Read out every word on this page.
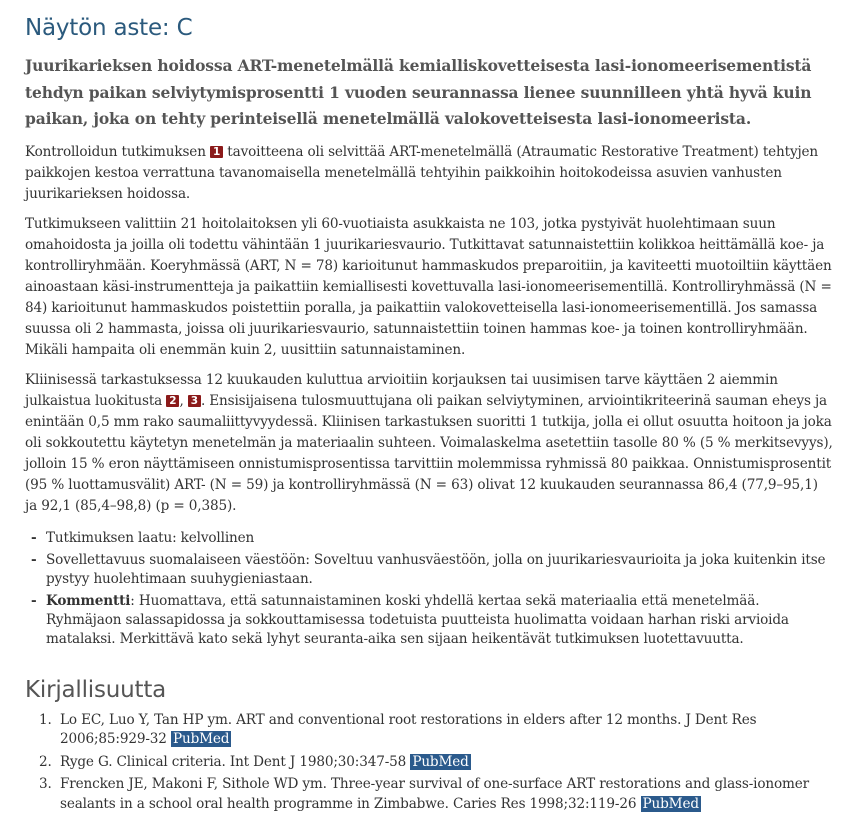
Näytön aste: C
Juurikarieksen hoidossa ART-menetelmällä kemialliskovetteisesta lasi-ionomeerisementistä tehdyn paikan selviytymisprosentti 1 vuoden seurannassa lienee suunnilleen yhtä hyvä kuin paikan, joka on tehty perinteisellä menetelmällä valokovetteisesta lasi-ionomeerista.

Kontrolloidun tutkimuksen 1 tavoitteena oli selvittää ART-menetelmällä (Atraumatic Restorative Treatment) tehtyjen paikkojen kestoa verrattuna tavanomaisella menetelmällä tehtyihin paikkoihin hoitokodeissa asuvien vanhusten juurikarieksen hoidossa.

Tutkimukseen valittiin 21 hoitolaitoksen yli 60-vuotiaista asukkaista ne 103, jotka pystyivät huolehtimaan suun omahoidosta ja joilla oli todettu vähintään 1 juurikariesvaurio. Tutkittavat satunnaistettiin kolikkoa heittämällä koe- ja kontrolliryhmään. Koeryhmässä (ART, N = 78) karioitunut hammaskudos preparoitiin, ja kaviteetti muotoiltiin käyttäen ainoastaan käsi-instrumentteja ja paikattiin kemiallisesti kovettuvalla lasi-ionomeerisementillä. Kontrolliryhmässä (N = 84) karioitunut hammaskudos poistettiin poralla, ja paikattiin valokovetteisella lasi-ionomeerisementillä. Jos samassa suussa oli 2 hammasta, joissa oli juurikariesvaurio, satunnaistettiin toinen hammas koe- ja toinen kontrolliryhmään. Mikäli hampaita oli enemmän kuin 2, uusittiin satunnaistaminen.

Kliinisessä tarkastuksessa 12 kuukauden kuluttua arvioitiin korjauksen tai uusimisen tarve käyttäen 2 aiemmin julkaistua luokitusta 2 , 3 . Ensisijaisena tulosmuuttujana oli paikan selviytyminen, arviointikriteerinä sauman eheys ja enintään 0,5 mm rako saumaliittyvyydessä. Kliinisen tarkastuksen suoritti 1 tutkija, jolla ei ollut osuutta hoitoon ja joka oli sokkoutettu käytetyn menetelmän ja materiaalin suhteen. Voimalaskelma asetettiin tasolle 80 % (5 % merkitsevyys), jolloin 15 % eron näyttämiseen onnistumisprosentissa tarvittiin molemmissa ryhmissä 80 paikkaa. Onnistumisprosentit (95 % luottamusvälit) ART- (N = 59) ja kontrolliryhmässä (N = 63) olivat 12 kuukauden seurannassa 86,4 (77,9–95,1) ja 92,1 (85,4–98,8) (p = 0,385).

- Tutkimuksen laatu: kelvollinen
- Sovellettavuus suomalaiseen väestöön: Soveltuu vanhusväestöön, jolla on juurikariesvaurioita ja joka kuitenkin itse pystyy huolehtimaan suuhygieniastaan.
- Kommentti: Huomattava, että satunnaistaminen koski yhdellä kertaa sekä materiaalia että menetelmää. Ryhmäjaon salassapidossa ja sokkouttamisessa todetuista puutteista huolimatta voidaan harhan riski arvioida matalaksi. Merkittävä kato sekä lyhyt seuranta-aika sen sijaan heikentävät tutkimuksen luotettavuutta.
Kirjallisuutta
1. Lo EC, Luo Y, Tan HP ym. ART and conventional root restorations in elders after 12 months. J Dent Res 2006;85:929-32 PubMed
2. Ryge G. Clinical criteria. Int Dent J 1980;30:347-58 PubMed
3. Frencken JE, Makoni F, Sithole WD ym. Three-year survival of one-surface ART restorations and glass-ionomer sealants in a school oral health programme in Zimbabwe. Caries Res 1998;32:119-26 PubMed
